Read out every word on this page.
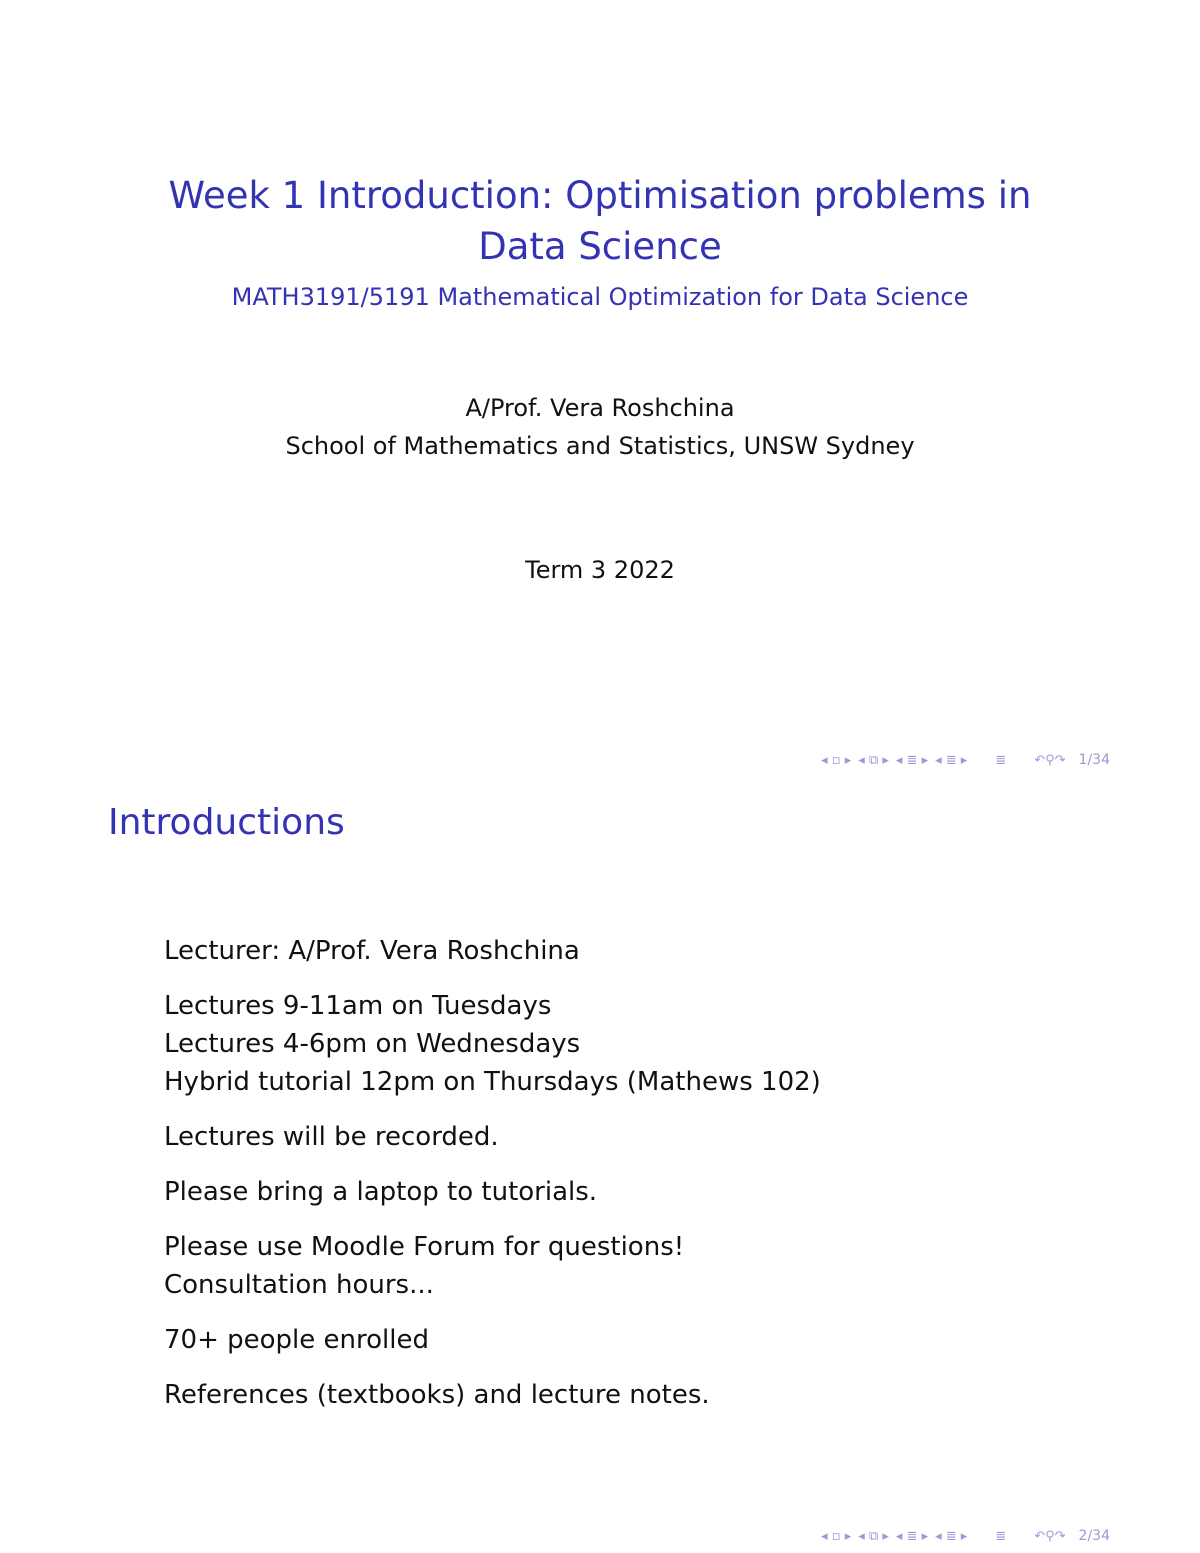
Week 1 Introduction: Optimisation problems in
Data Science
MATH3191/5191 Mathematical Optimization for Data Science
A/Prof. Vera Roshchina
School of Mathematics and Statistics, UNSW Sydney
Term 3 2022
◂ ▫ ▸ ◂ ⧉ ▸ ◂ ≣ ▸ ◂ ≣ ▸ ≣ ↶⚲↷ 1/34
Introductions
Lecturer: A/Prof. Vera Roshchina
Lectures 9-11am on Tuesdays
Lectures 4-6pm on Wednesdays
Hybrid tutorial 12pm on Thursdays (Mathews 102)
Lectures will be recorded.
Please bring a laptop to tutorials.
Please use Moodle Forum for questions!
Consultation hours...
70+ people enrolled
References (textbooks) and lecture notes.
◂ ▫ ▸ ◂ ⧉ ▸ ◂ ≣ ▸ ◂ ≣ ▸ ≣ ↶⚲↷ 2/34
